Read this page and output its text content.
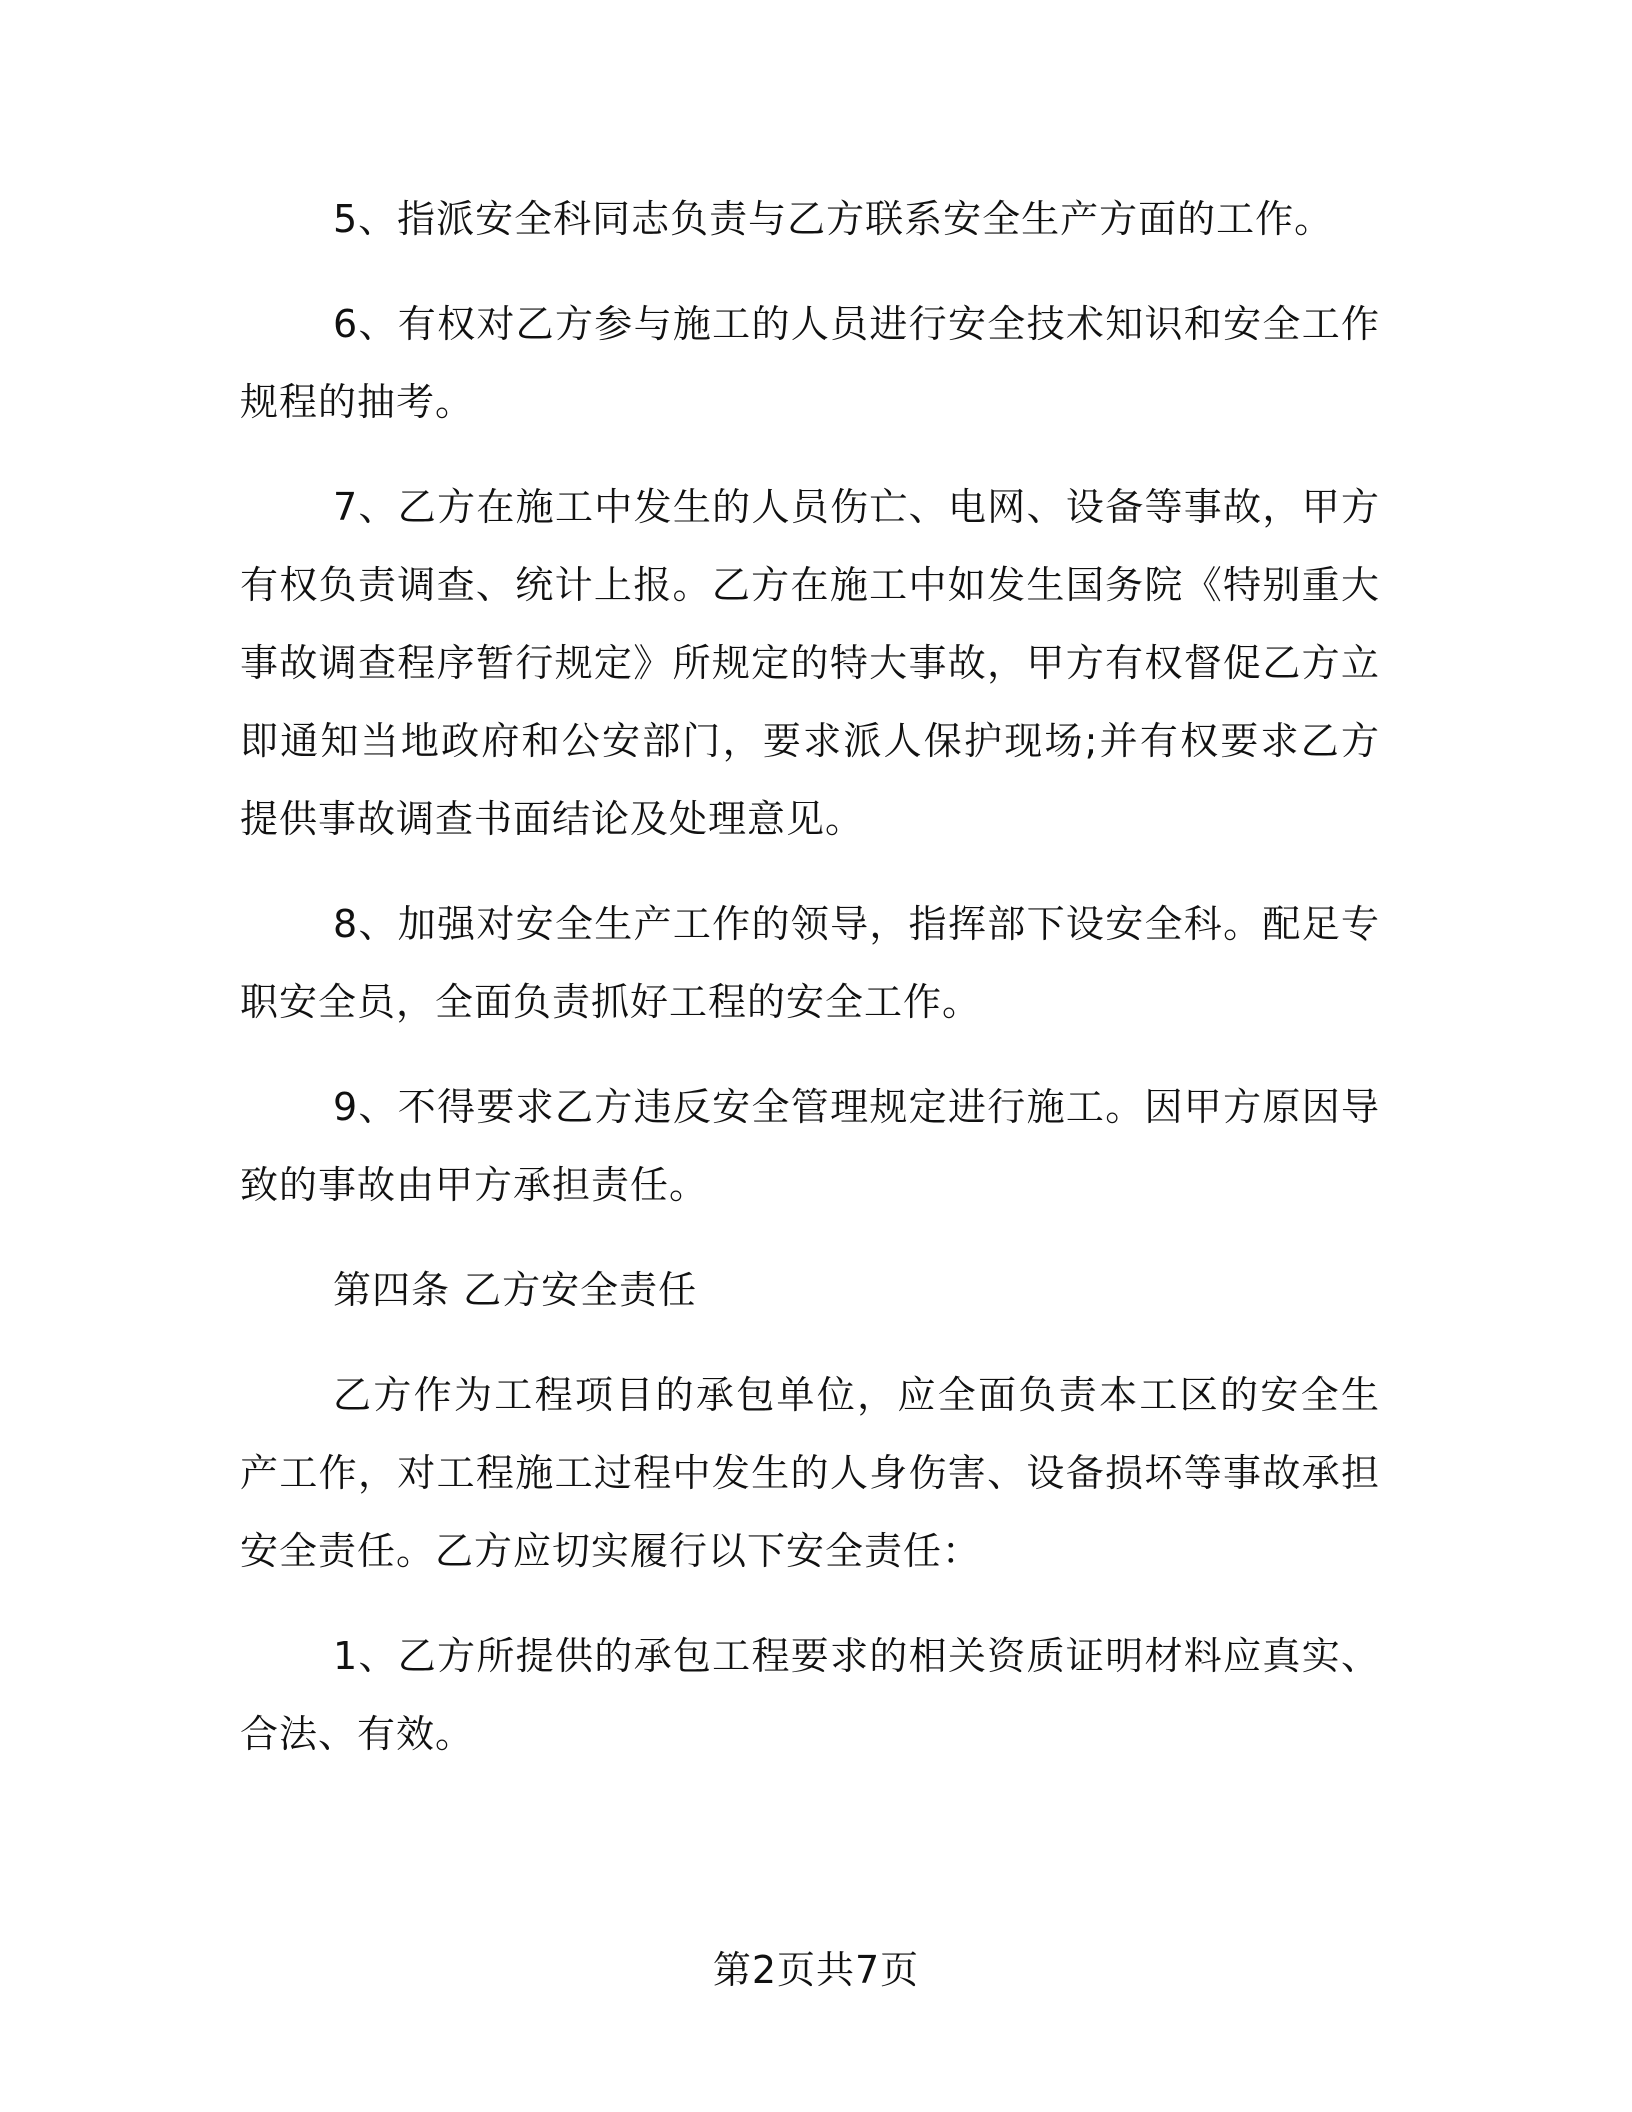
5、指派安全科同志负责与乙方联系安全生产方面的工作。

6、有权对乙方参与施工的人员进行安全技术知识和安全工作规程的抽考。

7、乙方在施工中发生的人员伤亡、电网、设备等事故，甲方有权负责调查、统计上报。乙方在施工中如发生国务院《特别重大事故调查程序暂行规定》所规定的特大事故，甲方有权督促乙方立即通知当地政府和公安部门，要求派人保护现场;并有权要求乙方提供事故调查书面结论及处理意见。

8、加强对安全生产工作的领导，指挥部下设安全科。配足专职安全员，全面负责抓好工程的安全工作。

9、不得要求乙方违反安全管理规定进行施工。因甲方原因导致的事故由甲方承担责任。

第四条 乙方安全责任

乙方作为工程项目的承包单位，应全面负责本工区的安全生产工作，对工程施工过程中发生的人身伤害、设备损坏等事故承担安全责任。乙方应切实履行以下安全责任：

1、乙方所提供的承包工程要求的相关资质证明材料应真实、合法、有效。

第2页共7页
